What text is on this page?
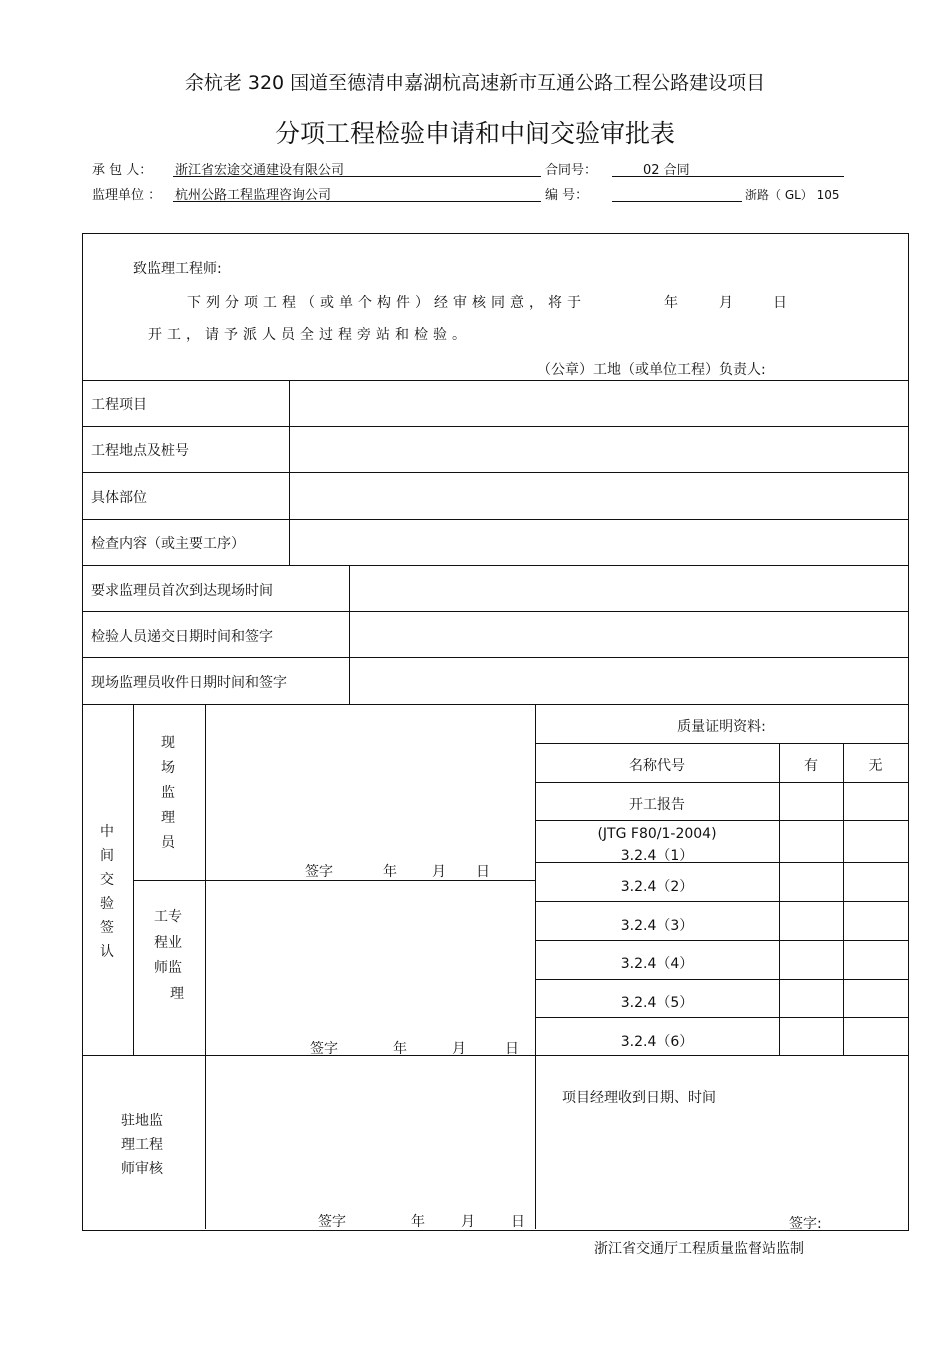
余杭老 320 国道至德清申嘉湖杭高速新市互通公路工程公路建设项目
分项工程检验申请和中间交验审批表
承 包 人： 浙江省宏途交通建设有限公司	合同号：	02 合同
监理单位 ： 杭州公路工程监理咨询公司	编 号：	浙路（ GL） 105
致监理工程师:
下列分项工程（或单个构件）经审核同意，将于	年	月	日
开工，请予派人员全过程旁站和检验。
（公章）工地（或单位工程）负责人:
工程项目
工程地点及桩号
具体部位
检查内容（或主要工序）
要求监理员首次到达现场时间
检验人员递交日期时间和签字
现场监理员收件日期时间和签字
中
间
交
验
签
认
现
场
监
理
员
签字	年	月 日
工专
程业
师监
理
签字	年	月	日
质量证明资料:
名称代号	有	无
开工报告
(JTG F80/1-2004)
3.2.4（1）
3.2.4（2）
3.2.4（3）
3.2.4（4）
3.2.4（5）
3.2.4（6）
驻地监
理工程
师审核
签字	年	月	日
项目经理收到日期、时间
签字:
浙江省交通厅工程质量监督站监制
